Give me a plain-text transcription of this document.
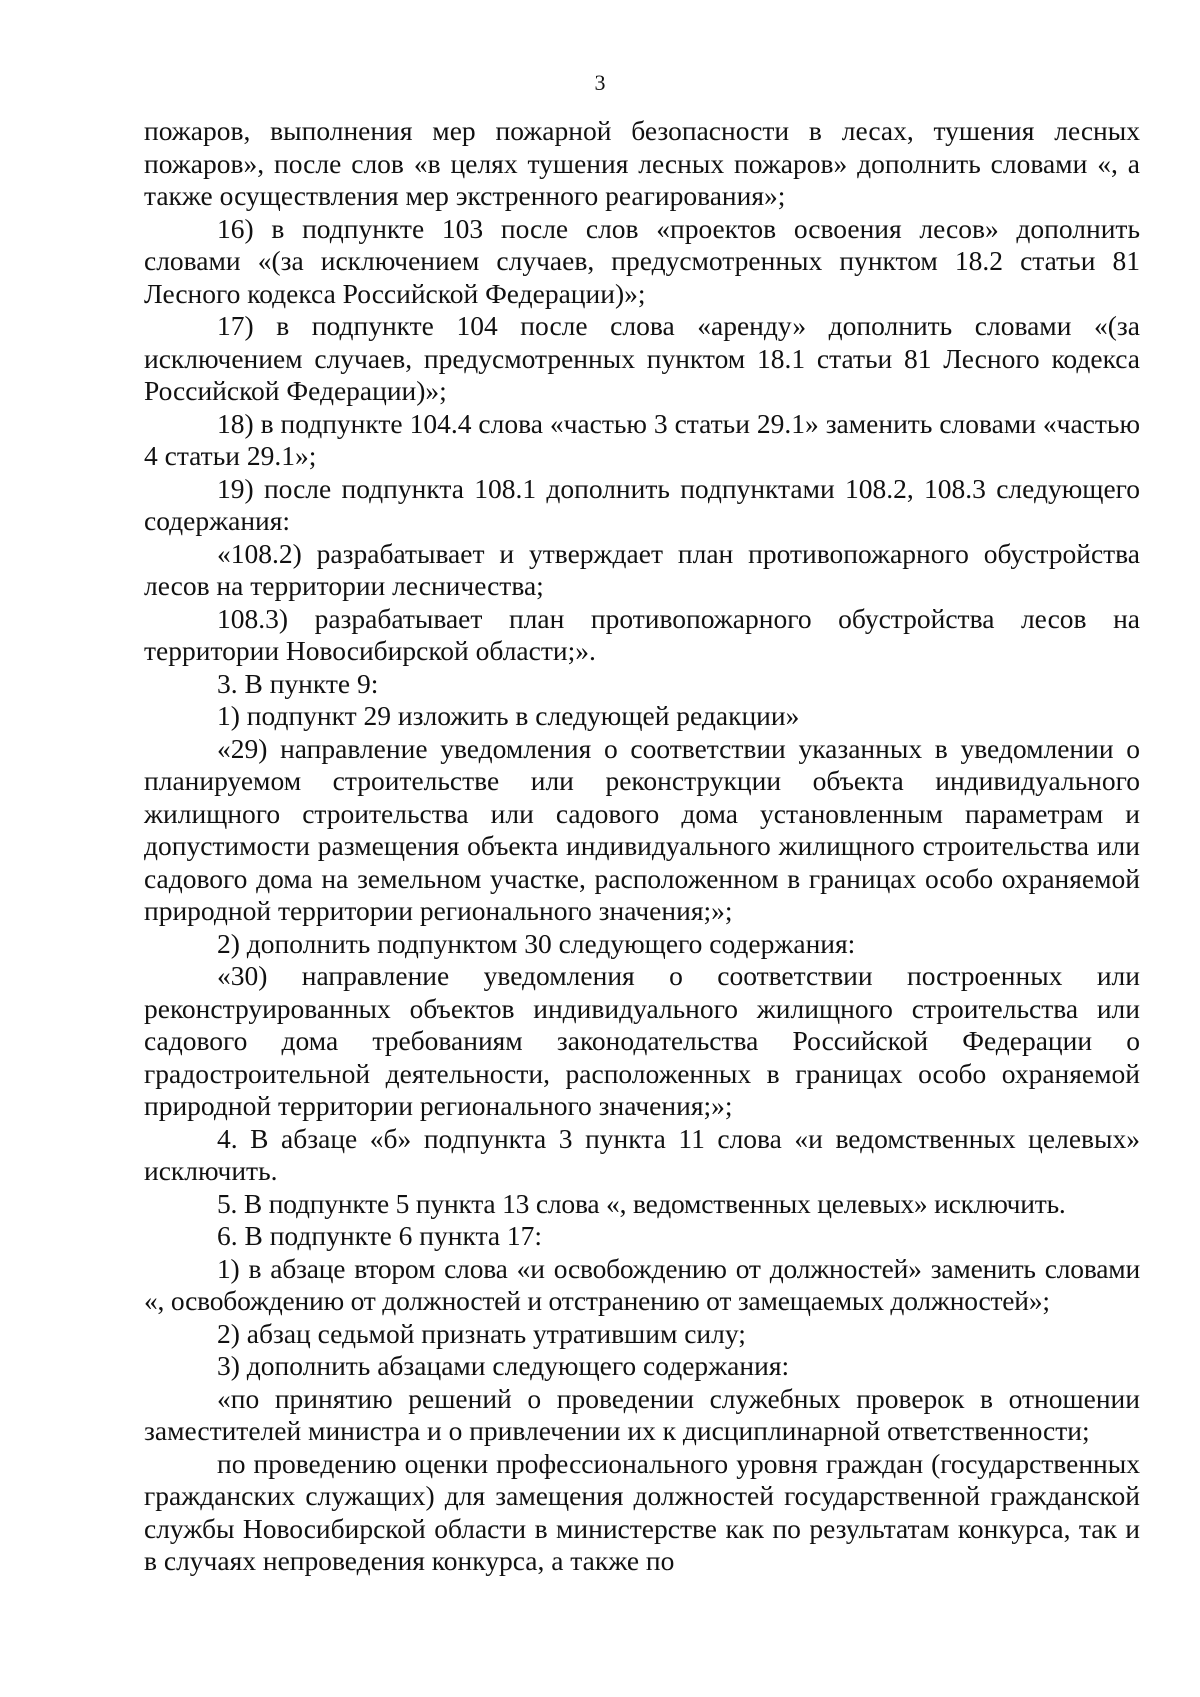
3

пожаров, выполнения мер пожарной безопасности в лесах, тушения лесных пожаров», после слов «в целях тушения лесных пожаров» дополнить словами «, а также осуществления мер экстренного реагирования»;

16) в подпункте 103 после слов «проектов освоения лесов» дополнить словами «(за исключением случаев, предусмотренных пунктом 18.2 статьи 81 Лесного кодекса Российской Федерации)»;

17) в подпункте 104 после слова «аренду» дополнить словами «(за исключением случаев, предусмотренных пунктом 18.1 статьи 81 Лесного кодекса Российской Федерации)»;

18) в подпункте 104.4 слова «частью 3 статьи 29.1» заменить словами «частью 4 статьи 29.1»;

19) после подпункта 108.1 дополнить подпунктами 108.2, 108.3 следующего содержания:

«108.2) разрабатывает и утверждает план противопожарного обустройства лесов на территории лесничества;

108.3) разрабатывает план противопожарного обустройства лесов на территории Новосибирской области;».

3. В пункте 9:

1) подпункт 29 изложить в следующей редакции»

«29) направление уведомления о соответствии указанных в уведомлении о планируемом строительстве или реконструкции объекта индивидуального жилищного строительства или садового дома установленным параметрам и допустимости размещения объекта индивидуального жилищного строительства или садового дома на земельном участке, расположенном в границах особо охраняемой природной территории регионального значения;»;

2) дополнить подпунктом 30 следующего содержания:

«30) направление уведомления о соответствии построенных или реконструированных объектов индивидуального жилищного строительства или садового дома требованиям законодательства Российской Федерации о градостроительной деятельности, расположенных в границах особо охраняемой природной территории регионального значения;»;

4. В абзаце «б» подпункта 3 пункта 11 слова «и ведомственных целевых» исключить.

5. В подпункте 5 пункта 13 слова «, ведомственных целевых» исключить.

6. В подпункте 6 пункта 17:

1) в абзаце втором слова «и освобождению от должностей» заменить словами «, освобождению от должностей и отстранению от замещаемых должностей»;

2) абзац седьмой признать утратившим силу;

3) дополнить абзацами следующего содержания:

«по принятию решений о проведении служебных проверок в отношении заместителей министра и о привлечении их к дисциплинарной ответственности;

по проведению оценки профессионального уровня граждан (государственных гражданских служащих) для замещения должностей государственной гражданской службы Новосибирской области в министерстве как по результатам конкурса, так и в случаях непроведения конкурса, а также по
